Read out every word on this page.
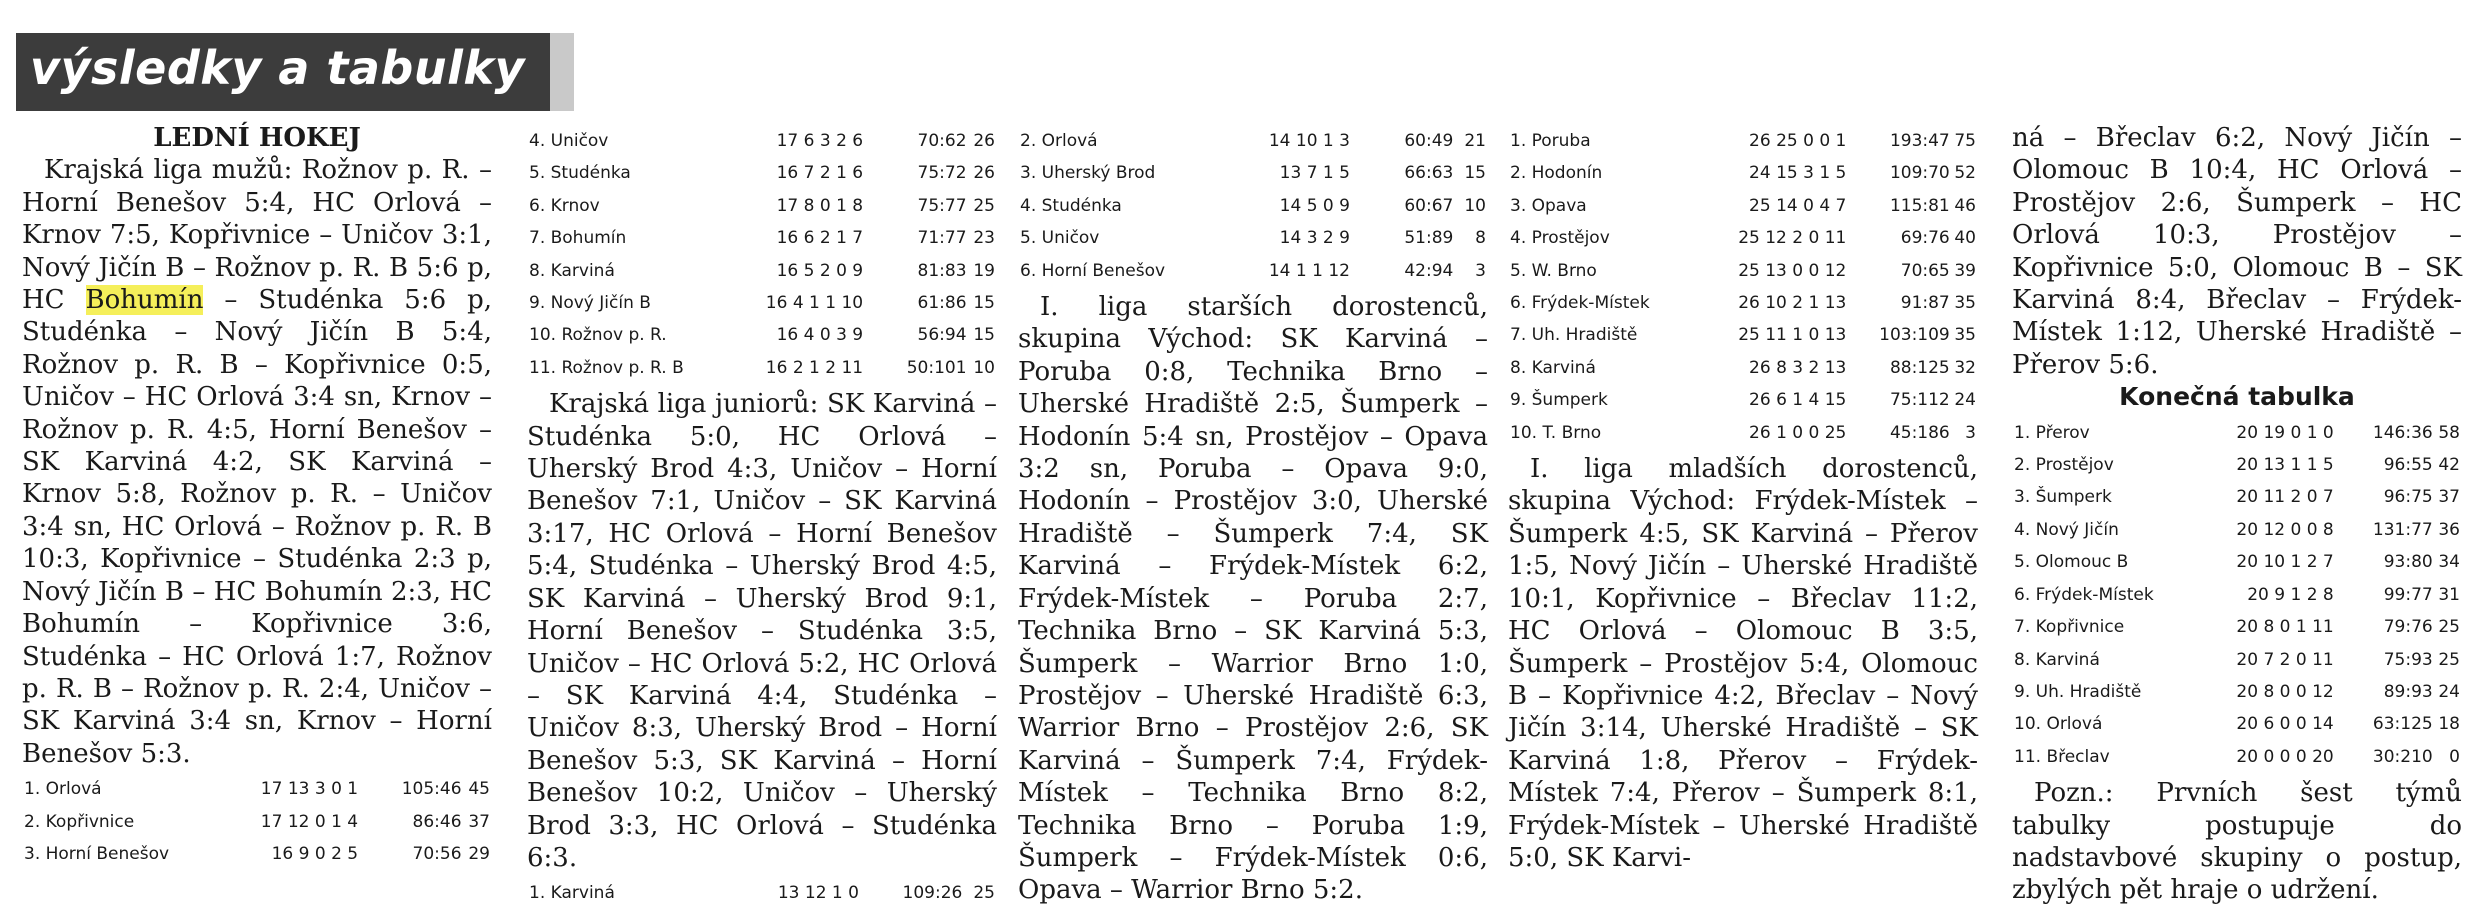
výsledky a tabulky
LEDNÍ HOKEJ

Krajská liga mužů: Rožnov p. R. – Horní Benešov 5:4, HC Orlová – Krnov 7:5, Kopřivnice – Uničov 3:1, Nový Jičín B – Rožnov p. R. B 5:6 p, HC Bohumín – Studénka 5:6 p, Studénka – Nový Jičín B 5:4, Rožnov p. R. B – Kopřivnice 0:5, Uničov – HC Orlová 3:4 sn, Krnov – Rožnov p. R. 4:5, Horní Benešov – SK Karviná 4:2, SK Karviná – Krnov 5:8, Rožnov p. R. – Uničov 3:4 sn, HC Orlová – Rožnov p. R. B 10:3, Kopřivnice – Studénka 2:3 p, Nový Jičín B – HC Bohumín 2:3, HC Bohumín – Kopřivnice 3:6, Studénka – HC Orlová 1:7, Rožnov p. R. B – Rožnov p. R. 2:4, Uničov – SK Karviná 3:4 sn, Krnov – Horní Benešov 5:3.

1. Orlová	17 13 3 0 1	105:46	45
2. Kopřivnice	17 12 0 1 4	86:46	37
3. Horní Benešov	16 9 0 2 5	70:56	29
4. Uničov	17 6 3 2 6	70:62	26
5. Studénka	16 7 2 1 6	75:72	26
6. Krnov	17 8 0 1 8	75:77	25
7. Bohumín	16 6 2 1 7	71:77	23
8. Karviná	16 5 2 0 9	81:83	19
9. Nový Jičín B	16 4 1 1 10	61:86	15
10. Rožnov p. R.	16 4 0 3 9	56:94	15
11. Rožnov p. R. B	16 2 1 2 11	50:101	10

Krajská liga juniorů: SK Karviná – Studénka 5:0, HC Orlová – Uherský Brod 4:3, Uničov – Horní Benešov 7:1, Uničov – SK Karviná 3:17, HC Orlová – Horní Benešov 5:4, Studénka – Uherský Brod 4:5, SK Karviná – Uherský Brod 9:1, Horní Benešov – Studénka 3:5, Uničov – HC Orlová 5:2, HC Orlová – SK Karviná 4:4, Studénka – Uničov 8:3, Uherský Brod – Horní Benešov 5:3, SK Karviná – Horní Benešov 10:2, Uničov – Uherský Brod 3:3, HC Orlová – Studénka 6:3.

1. Karviná	13 12 1 0	109:26	25
2. Orlová	14 10 1 3	60:49	21
3. Uherský Brod	13 7 1 5	66:63	15
4. Studénka	14 5 0 9	60:67	10
5. Uničov	14 3 2 9	51:89	8
6. Horní Benešov	14 1 1 12	42:94	3

I. liga starších dorostenců, skupina Východ: SK Karviná – Poruba 0:8, Technika Brno – Uherské Hradiště 2:5, Šumperk – Hodonín 5:4 sn, Prostějov – Opava 3:2 sn, Poruba – Opava 9:0, Hodonín – Prostějov 3:0, Uherské Hradiště – Šumperk 7:4, SK Karviná – Frýdek-Místek 6:2, Frýdek-Místek – Poruba 2:7, Technika Brno – SK Karviná 5:3, Šumperk – Warrior Brno 1:0, Prostějov – Uherské Hradiště 6:3, Warrior Brno – Prostějov 2:6, SK Karviná – Šumperk 7:4, Frýdek-Místek – Technika Brno 8:2, Technika Brno – Poruba 1:9, Šumperk – Frýdek-Místek 0:6, Opava – Warrior Brno 5:2.

1. Poruba	26 25 0 0 1	193:47	75
2. Hodonín	24 15 3 1 5	109:70	52
3. Opava	25 14 0 4 7	115:81	46
4. Prostějov	25 12 2 0 11	69:76	40
5. W. Brno	25 13 0 0 12	70:65	39
6. Frýdek-Místek	26 10 2 1 13	91:87	35
7. Uh. Hradiště	25 11 1 0 13	103:109	35
8. Karviná	26 8 3 2 13	88:125	32
9. Šumperk	26 6 1 4 15	75:112	24
10. T. Brno	26 1 0 0 25	45:186	3

I. liga mladších dorostenců, skupina Východ: Frýdek-Místek – Šumperk 4:5, SK Karviná – Přerov 1:5, Nový Jičín – Uherské Hradiště 10:1, Kopřivnice – Břeclav 11:2, HC Orlová – Olomouc B 3:5, Šumperk – Prostějov 5:4, Olomouc B – Kopřivnice 4:2, Břeclav – Nový Jičín 3:14, Uherské Hradiště – SK Karviná 1:8, Přerov – Frýdek-Místek 7:4, Přerov – Šumperk 8:1, Frýdek-Místek – Uherské Hradiště 5:0, SK Karvi-

ná – Břeclav 6:2, Nový Jičín – Olomouc B 10:4, HC Orlová – Prostějov 2:6, Šumperk – HC Orlová 10:3, Prostějov – Kopřivnice 5:0, Olomouc B – SK Karviná 8:4, Břeclav – Frýdek-Místek 1:12, Uherské Hradiště – Přerov 5:6.

Konečná tabulka
1. Přerov	20 19 0 1 0	146:36	58
2. Prostějov	20 13 1 1 5	96:55	42
3. Šumperk	20 11 2 0 7	96:75	37
4. Nový Jičín	20 12 0 0 8	131:77	36
5. Olomouc B	20 10 1 2 7	93:80	34
6. Frýdek-Místek	20 9 1 2 8	99:77	31
7. Kopřivnice	20 8 0 1 11	79:76	25
8. Karviná	20 7 2 0 11	75:93	25
9. Uh. Hradiště	20 8 0 0 12	89:93	24
10. Orlová	20 6 0 0 14	63:125	18
11. Břeclav	20 0 0 0 20	30:210	0

Pozn.: Prvních šest týmů tabulky postupuje do nadstavbové skupiny o postup, zbylých pět hraje o udržení.
